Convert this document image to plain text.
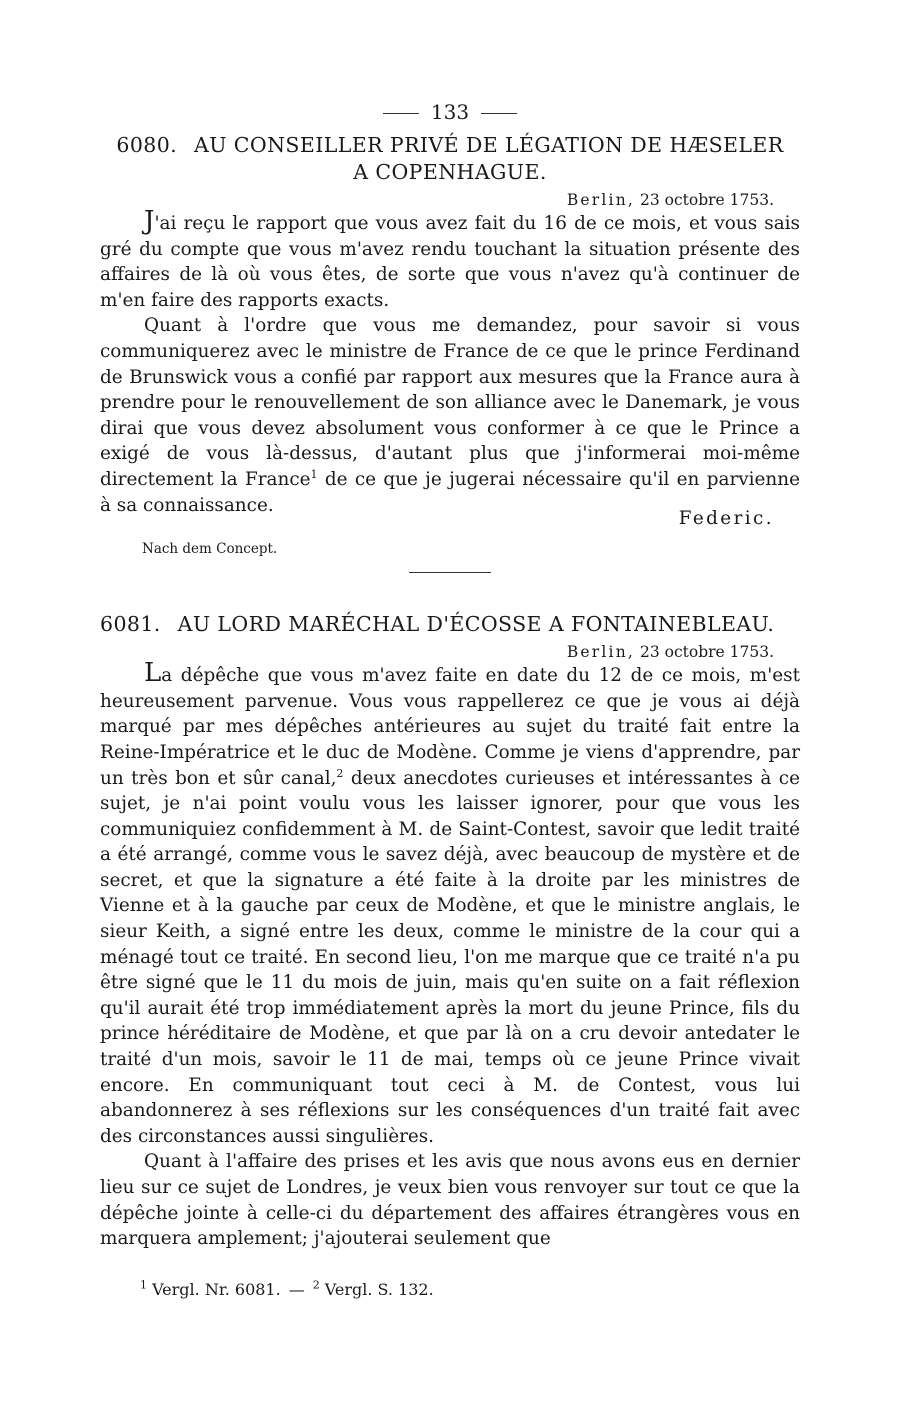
133
6080. AU CONSEILLER PRIVÉ DE LÉGATION DE HÆSELER
A COPENHAGUE.
Berlin, 23 octobre 1753.

J'ai reçu le rapport que vous avez fait du 16 de ce mois, et vous sais gré du compte que vous m'avez rendu touchant la situation présente des affaires de là où vous êtes, de sorte que vous n'avez qu'à continuer de m'en faire des rapports exacts.

Quant à l'ordre que vous me demandez, pour savoir si vous communiquerez avec le ministre de France de ce que le prince Ferdinand de Brunswick vous a confié par rapport aux mesures que la France aura à prendre pour le renouvellement de son alliance avec le Danemark, je vous dirai que vous devez absolument vous conformer à ce que le Prince a exigé de vous là-dessus, d'autant plus que j'informerai moi-même directement la France$^1$ de ce que je jugerai nécessaire qu'il en parvienne à sa connaissance.

Federic.
Nach dem Concept.
6081. AU LORD MARÉCHAL D'ÉCOSSE A FONTAINEBLEAU.
Berlin, 23 octobre 1753.

La dépêche que vous m'avez faite en date du 12 de ce mois, m'est heureusement parvenue. Vous vous rappellerez ce que je vous ai déjà marqué par mes dépêches antérieures au sujet du traité fait entre la Reine-Impératrice et le duc de Modène. Comme je viens d'apprendre, par un très bon et sûr canal,$^2$ deux anecdotes curieuses et intéressantes à ce sujet, je n'ai point voulu vous les laisser ignorer, pour que vous les communiquiez confidemment à M. de Saint-Contest, savoir que ledit traité a été arrangé, comme vous le savez déjà, avec beaucoup de mystère et de secret, et que la signature a été faite à la droite par les ministres de Vienne et à la gauche par ceux de Modène, et que le ministre anglais, le sieur Keith, a signé entre les deux, comme le ministre de la cour qui a ménagé tout ce traité. En second lieu, l'on me marque que ce traité n'a pu être signé que le 11 du mois de juin, mais qu'en suite on a fait réflexion qu'il aurait été trop immédiatement après la mort du jeune Prince, fils du prince héréditaire de Modène, et que par là on a cru devoir antedater le traité d'un mois, savoir le 11 de mai, temps où ce jeune Prince vivait encore. En communiquant tout ceci à M. de Contest, vous lui abandonnerez à ses réflexions sur les conséquences d'un traité fait avec des circonstances aussi singulières.

Quant à l'affaire des prises et les avis que nous avons eus en dernier lieu sur ce sujet de Londres, je veux bien vous renvoyer sur tout ce que la dépêche jointe à celle-ci du département des affaires étrangères vous en marquera amplement; j'ajouterai seulement que

$^1$ Vergl. Nr. 6081. — $^2$ Vergl. S. 132.
